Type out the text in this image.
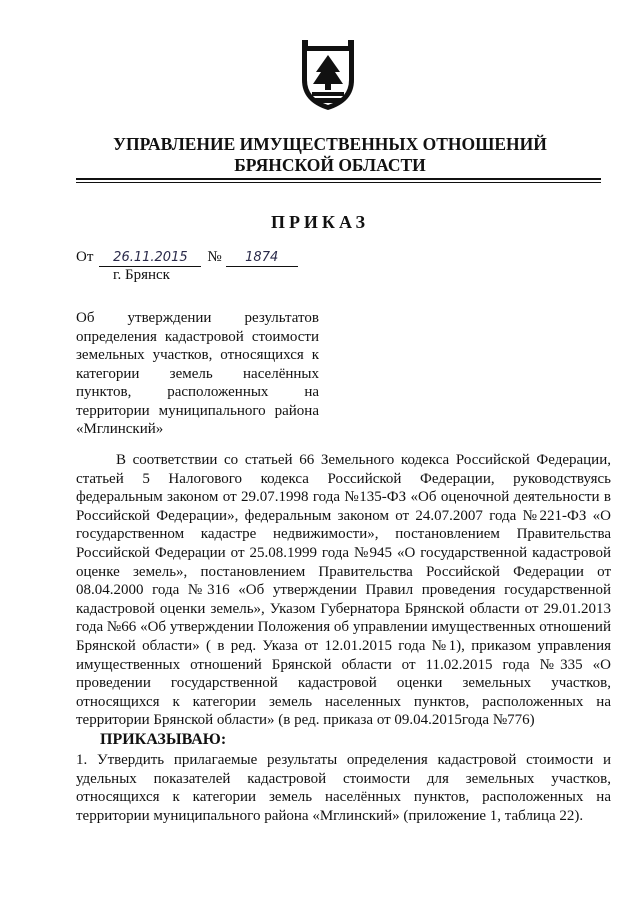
УПРАВЛЕНИЕ ИМУЩЕСТВЕННЫХ ОТНОШЕНИЙ
БРЯНСКОЙ ОБЛАСТИ
ПРИКАЗ
От 26.11.2015 № 1874
г. Брянск
Об утверждении результатов
определения кадастровой стоимости
земельных участков, относящихся к
категории земель населённых
пунктов, расположенных на
территории муниципального района
«Мглинский»
В соответствии со статьей 66 Земельного кодекса Российской Федерации, статьей 5 Налогового кодекса Российской Федерации, руководствуясь федеральным законом от 29.07.1998 года №135-ФЗ «Об оценочной деятельности в Российской Федерации», федеральным законом от 24.07.2007 года №221-ФЗ «О государственном кадастре недвижимости», постановлением Правительства Российской Федерации от 25.08.1999 года №945 «О государственной кадастровой оценке земель», постановлением Правительства Российской Федерации от 08.04.2000 года №316 «Об утверждении Правил проведения государственной кадастровой оценки земель», Указом Губернатора Брянской области от 29.01.2013 года №66 «Об утверждении Положения об управлении имущественных отношений Брянской области» ( в ред. Указа от 12.01.2015 года №1), приказом управления имущественных отношений Брянской области от 11.02.2015 года №335 «О проведении государственной кадастровой оценки земельных участков, относящихся к категории земель населенных пунктов, расположенных на территории Брянской области» (в ред. приказа от 09.04.2015года №776)
ПРИКАЗЫВАЮ:
1. Утвердить прилагаемые результаты определения кадастровой стоимости и удельных показателей кадастровой стоимости для земельных участков, относящихся к категории земель населённых пунктов, расположенных на территории муниципального района «Мглинский» (приложение 1, таблица 22).
